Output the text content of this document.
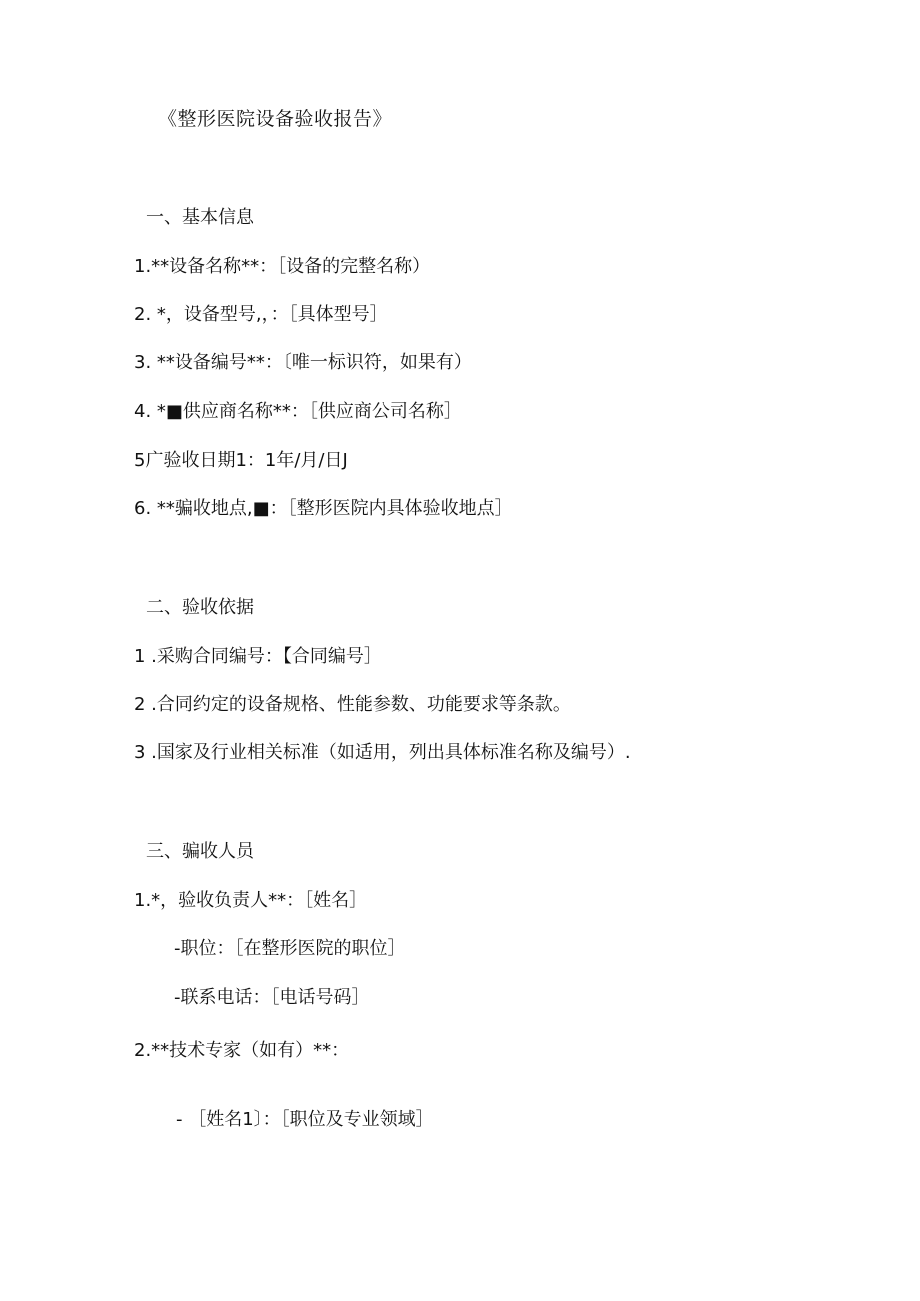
《整形医院设备验收报告》
一、基本信息
1.**设备名称**：［设备的完整名称）
2. *，设备型号,，：［具体型号］
3. **设备编号**：〔唯一标识符，如果有）
4. *■供应商名称**：［供应商公司名称］
5广验收日期1：1年/月/日J
6. **骗收地点,■：［整形医院内具体验收地点］
二、验收依据
1 .采购合同编号：【合同编号］
2 .合同约定的设备规格、性能参数、功能要求等条款。
3 .国家及行业相关标准（如适用，列出具体标准名称及编号）.
三、骗收人员
1.*，验收负责人**：［姓名］
-职位：［在整形医院的职位］
-联系电话：［电话号码］
2.**技术专家（如有）**：
- ［姓名1〕：［职位及专业领域］
